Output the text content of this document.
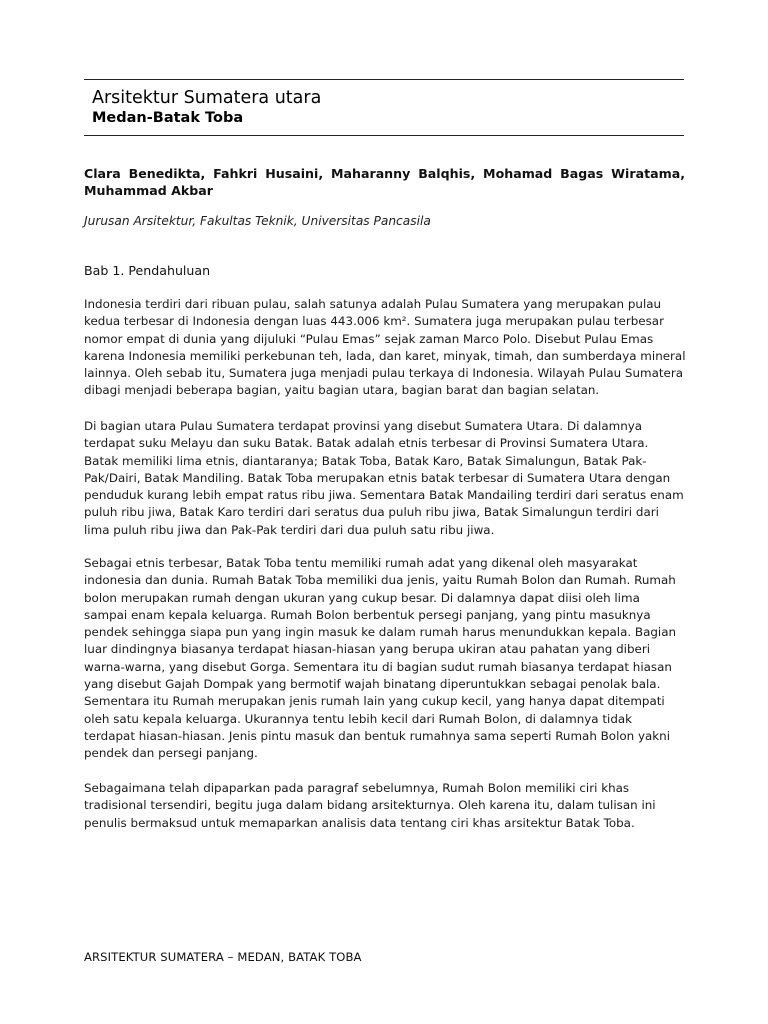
Arsitektur Sumatera utara
Medan-Batak Toba

Clara Benedikta, Fahkri Husaini, Maharanny Balqhis, Mohamad Bagas Wiratama, Muhammad Akbar

Jurusan Arsitektur, Fakultas Teknik, Universitas Pancasila

Bab 1. Pendahuluan

Indonesia terdiri dari ribuan pulau, salah satunya adalah Pulau Sumatera yang merupakan pulau kedua terbesar di Indonesia dengan luas 443.006 km². Sumatera juga merupakan pulau terbesar nomor empat di dunia yang dijuluki “Pulau Emas” sejak zaman Marco Polo. Disebut Pulau Emas karena Indonesia memiliki perkebunan teh, lada, dan karet, minyak, timah, dan sumberdaya mineral lainnya. Oleh sebab itu, Sumatera juga menjadi pulau terkaya di Indonesia. Wilayah Pulau Sumatera dibagi menjadi beberapa bagian, yaitu bagian utara, bagian barat dan bagian selatan.

Di bagian utara Pulau Sumatera terdapat provinsi yang disebut Sumatera Utara. Di dalamnya terdapat suku Melayu dan suku Batak. Batak adalah etnis terbesar di Provinsi Sumatera Utara. Batak memiliki lima etnis, diantaranya; Batak Toba, Batak Karo, Batak Simalungun, Batak Pak-Pak/Dairi, Batak Mandiling. Batak Toba merupakan etnis batak terbesar di Sumatera Utara dengan penduduk kurang lebih empat ratus ribu jiwa. Sementara Batak Mandailing terdiri dari seratus enam puluh ribu jiwa, Batak Karo terdiri dari seratus dua puluh ribu jiwa, Batak Simalungun terdiri dari lima puluh ribu jiwa dan Pak-Pak terdiri dari dua puluh satu ribu jiwa.

Sebagai etnis terbesar, Batak Toba tentu memiliki rumah adat yang dikenal oleh masyarakat indonesia dan dunia. Rumah Batak Toba memiliki dua jenis, yaitu Rumah Bolon dan Rumah. Rumah bolon merupakan rumah dengan ukuran yang cukup besar. Di dalamnya dapat diisi oleh lima sampai enam kepala keluarga. Rumah Bolon berbentuk persegi panjang, yang pintu masuknya pendek sehingga siapa pun yang ingin masuk ke dalam rumah harus menundukkan kepala. Bagian luar dindingnya biasanya terdapat hiasan-hiasan yang berupa ukiran atau pahatan yang diberi warna-warna, yang disebut Gorga. Sementara itu di bagian sudut rumah biasanya terdapat hiasan yang disebut Gajah Dompak yang bermotif wajah binatang diperuntukkan sebagai penolak bala. Sementara itu Rumah merupakan jenis rumah lain yang cukup kecil, yang hanya dapat ditempati oleh satu kepala keluarga. Ukurannya tentu lebih kecil dari Rumah Bolon, di dalamnya tidak terdapat hiasan-hiasan. Jenis pintu masuk dan bentuk rumahnya sama seperti Rumah Bolon yakni pendek dan persegi panjang.

Sebagaimana telah dipaparkan pada paragraf sebelumnya, Rumah Bolon memiliki ciri khas tradisional tersendiri, begitu juga dalam bidang arsitekturnya. Oleh karena itu, dalam tulisan ini penulis bermaksud untuk memaparkan analisis data tentang ciri khas arsitektur Batak Toba.

ARSITEKTUR SUMATERA – MEDAN, BATAK TOBA
